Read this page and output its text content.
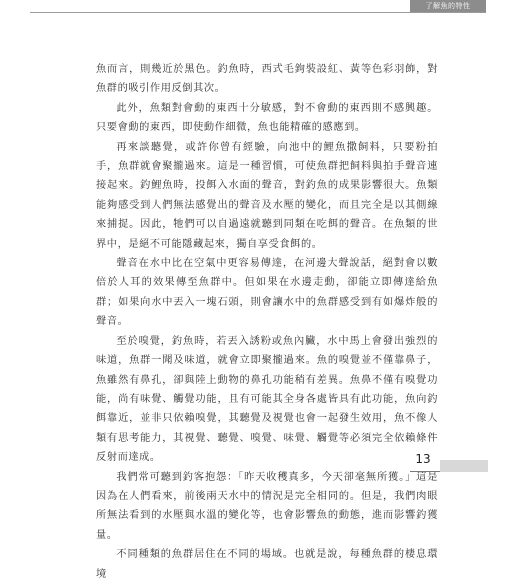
了解魚的特性

魚而言，則幾近於黑色。釣魚時，西式毛鉤裝設紅、黃等色彩羽飾，對魚群的吸引作用反倒其次。

此外，魚類對會動的東西十分敏感，對不會動的東西則不感興趣。只要會動的東西，即使動作細微，魚也能精確的感應到。

再來談聽覺，或許你曾有經驗，向池中的鯉魚撒飼料，只要粉拍手，魚群就會聚攏過來。這是一種習慣，可使魚群把飼料與拍手聲音連接起來。釣鯉魚時，投餌入水面的聲音，對釣魚的成果影響很大。魚類能夠感受到人們無法感覺出的聲音及水壓的變化，而且完全是以其側線來捕捉。因此，牠們可以自過遠就聽到同類在吃餌的聲音。在魚類的世界中，是絕不可能隱藏起來，獨自享受食餌的。

聲音在水中比在空氣中更容易傳達，在河邊大聲說話，絕對會以數倍於人耳的效果傳至魚群中。但如果在水邊走動，卻能立即傳達給魚群；如果向水中丟入一塊石頭，則會讓水中的魚群感受到有如爆炸般的聲音。

至於嗅覺，釣魚時，若丟入誘粉或魚內臟，水中馬上會發出強烈的味道，魚群一聞及味道，就會立即聚攏過來。魚的嗅覺並不僅靠鼻子，魚雖然有鼻孔，卻與陸上動物的鼻孔功能稍有差異。魚鼻不僅有嗅覺功能，尚有味覺、觸覺功能，且有可能其全身各處皆具有此功能，魚向釣餌靠近，並非只依賴嗅覺，其聽覺及視覺也會一起發生效用，魚不像人類有思考能力，其視覺、聽覺、嗅覺、味覺、觸覺等必須完全依賴條件反射而達成。

我們常可聽到釣客抱怨：「昨天收穫真多，今天卻毫無所獲。」這是因為在人們看來，前後兩天水中的情況是完全相同的。但是，我們肉眼所無法看到的水壓與水溫的變化等，也會影響魚的動態，進而影響釣獲量。

不同種類的魚群居住在不同的場域。也就是說，每種魚群的棲息環境

13
